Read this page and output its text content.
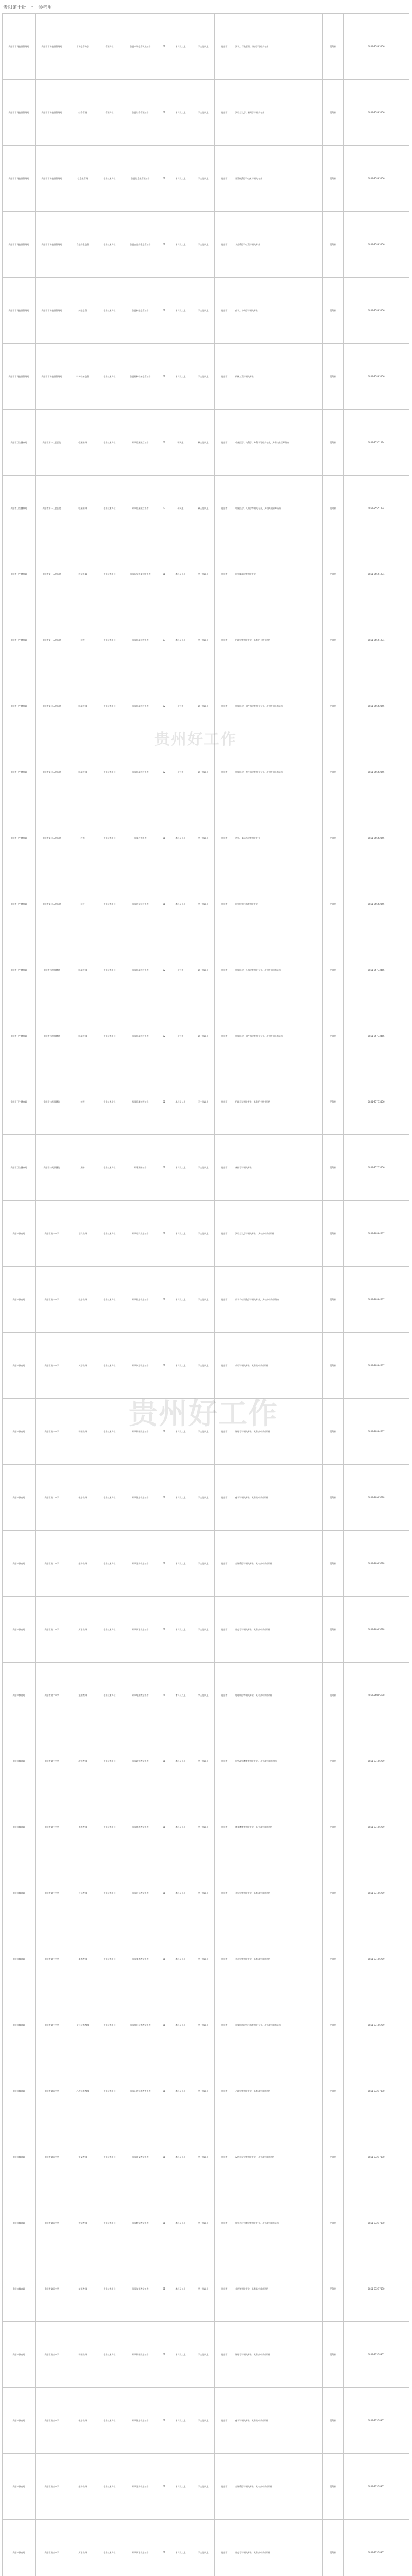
贵阳第十批 - 参考用
贵阳市市场监督管理局	贵阳市市场监督管理局	市场监管执法	管理岗位	负责市场监管执法工作	01	本科及以上	学士及以上	贵阳市	法学、行政管理、经济学等相关专业	见附件	0851-85883256
贵阳市市场监督管理局	贵阳市市场监督管理局	综合管理	管理岗位	负责综合管理工作	01	本科及以上	学士及以上	贵阳市	汉语言文学、新闻学等相关专业	见附件	0851-85883256
贵阳市市场监督管理局	贵阳市市场监督管理局	信息化管理	专业技术岗位	负责信息化管理工作	01	本科及以上	学士及以上	贵阳市	计算机科学与技术等相关专业	见附件	0851-85883256
贵阳市市场监督管理局	贵阳市市场监督管理局	食品安全监管	专业技术岗位	负责食品安全监管工作	01	本科及以上	学士及以上	贵阳市	食品科学与工程等相关专业	见附件	0851-85883256
贵阳市市场监督管理局	贵阳市市场监督管理局	药品监管	专业技术岗位	负责药品监管工作	01	本科及以上	学士及以上	贵阳市	药学、中药学等相关专业	见附件	0851-85883256
贵阳市市场监督管理局	贵阳市市场监督管理局	特种设备监管	专业技术岗位	负责特种设备监管工作	01	本科及以上	学士及以上	贵阳市	机械工程等相关专业	见附件	0851-85883256
贵阳市卫生健康局	贵阳市第一人民医院	临床医师	专业技术岗位	从事临床医疗工作	02	研究生	硕士及以上	贵阳市	临床医学、内科学、外科学等相关专业，具有执业医师资格	见附件	0851-85551234
贵阳市卫生健康局	贵阳市第一人民医院	临床医师	专业技术岗位	从事临床医疗工作	02	研究生	硕士及以上	贵阳市	临床医学、儿科学等相关专业，具有执业医师资格	见附件	0851-85551234
贵阳市卫生健康局	贵阳市第一人民医院	医学影像	专业技术岗位	从事医学影像诊断工作	01	本科及以上	学士及以上	贵阳市	医学影像学等相关专业	见附件	0851-85551234
贵阳市卫生健康局	贵阳市第一人民医院	护理	专业技术岗位	从事临床护理工作	03	本科及以上	学士及以上	贵阳市	护理学等相关专业，具有护士执业资格	见附件	0851-85551234
贵阳市卫生健康局	贵阳市第二人民医院	临床医师	专业技术岗位	从事临床医疗工作	02	研究生	硕士及以上	贵阳市	临床医学、妇产科学等相关专业，具有执业医师资格	见附件	0851-85662345
贵阳市卫生健康局	贵阳市第二人民医院	临床医师	专业技术岗位	从事临床医疗工作	02	研究生	硕士及以上	贵阳市	临床医学、神经病学等相关专业，具有执业医师资格	见附件	0851-85662345
贵阳市卫生健康局	贵阳市第二人民医院	药剂	专业技术岗位	从事药剂工作	01	本科及以上	学士及以上	贵阳市	药学、临床药学等相关专业	见附件	0851-85662345
贵阳市卫生健康局	贵阳市第二人民医院	检验	专业技术岗位	从事医学检验工作	01	本科及以上	学士及以上	贵阳市	医学检验技术等相关专业	见附件	0851-85662345
贵阳市卫生健康局	贵阳市妇幼保健院	临床医师	专业技术岗位	从事临床医疗工作	02	研究生	硕士及以上	贵阳市	临床医学、儿科学等相关专业，具有执业医师资格	见附件	0851-85773456
贵阳市卫生健康局	贵阳市妇幼保健院	临床医师	专业技术岗位	从事临床医疗工作	02	研究生	硕士及以上	贵阳市	临床医学、妇产科学等相关专业，具有执业医师资格	见附件	0851-85773456
贵阳市卫生健康局	贵阳市妇幼保健院	护理	专业技术岗位	从事临床护理工作	02	本科及以上	学士及以上	贵阳市	护理学等相关专业，具有护士执业资格	见附件	0851-85773456
贵阳市卫生健康局	贵阳市妇幼保健院	麻醉	专业技术岗位	从事麻醉工作	01	本科及以上	学士及以上	贵阳市	麻醉学等相关专业	见附件	0851-85773456
贵阳市教育局	贵阳市第一中学	语文教师	专业技术岗位	从事语文教学工作	01	本科及以上	学士及以上	贵阳市	汉语言文学等相关专业，具有高中教师资格	见附件	0851-86884567
贵阳市教育局	贵阳市第一中学	数学教师	专业技术岗位	从事数学教学工作	01	本科及以上	学士及以上	贵阳市	数学与应用数学等相关专业，具有高中教师资格	见附件	0851-86884567
贵阳市教育局	贵阳市第一中学	英语教师	专业技术岗位	从事英语教学工作	01	本科及以上	学士及以上	贵阳市	英语等相关专业，具有高中教师资格	见附件	0851-86884567
贵阳市教育局	贵阳市第一中学	物理教师	专业技术岗位	从事物理教学工作	01	本科及以上	学士及以上	贵阳市	物理学等相关专业，具有高中教师资格	见附件	0851-86884567
贵阳市教育局	贵阳市第二中学	化学教师	专业技术岗位	从事化学教学工作	01	本科及以上	学士及以上	贵阳市	化学等相关专业，具有高中教师资格	见附件	0851-86995678
贵阳市教育局	贵阳市第二中学	生物教师	专业技术岗位	从事生物教学工作	01	本科及以上	学士及以上	贵阳市	生物科学等相关专业，具有高中教师资格	见附件	0851-86995678
贵阳市教育局	贵阳市第二中学	历史教师	专业技术岗位	从事历史教学工作	01	本科及以上	学士及以上	贵阳市	历史学等相关专业，具有高中教师资格	见附件	0851-86995678
贵阳市教育局	贵阳市第二中学	地理教师	专业技术岗位	从事地理教学工作	01	本科及以上	学士及以上	贵阳市	地理科学等相关专业，具有高中教师资格	见附件	0851-86995678
贵阳市教育局	贵阳市第三中学	政治教师	专业技术岗位	从事政治教学工作	01	本科及以上	学士及以上	贵阳市	思想政治教育等相关专业，具有高中教师资格	见附件	0851-87106789
贵阳市教育局	贵阳市第三中学	体育教师	专业技术岗位	从事体育教学工作	01	本科及以上	学士及以上	贵阳市	体育教育等相关专业，具有高中教师资格	见附件	0851-87106789
贵阳市教育局	贵阳市第三中学	音乐教师	专业技术岗位	从事音乐教学工作	01	本科及以上	学士及以上	贵阳市	音乐学等相关专业，具有高中教师资格	见附件	0851-87106789
贵阳市教育局	贵阳市第三中学	美术教师	专业技术岗位	从事美术教学工作	01	本科及以上	学士及以上	贵阳市	美术学等相关专业，具有高中教师资格	见附件	0851-87106789
贵阳市教育局	贵阳市第三中学	信息技术教师	专业技术岗位	从事信息技术教学工作	01	本科及以上	学士及以上	贵阳市	计算机科学与技术等相关专业，具有高中教师资格	见附件	0851-87106789
贵阳市教育局	贵阳市第四中学	心理健康教师	专业技术岗位	从事心理健康教育工作	01	本科及以上	学士及以上	贵阳市	心理学等相关专业，具有高中教师资格	见附件	0851-87217890
贵阳市教育局	贵阳市第四中学	语文教师	专业技术岗位	从事语文教学工作	01	本科及以上	学士及以上	贵阳市	汉语言文学等相关专业，具有高中教师资格	见附件	0851-87217890
贵阳市教育局	贵阳市第四中学	数学教师	专业技术岗位	从事数学教学工作	01	本科及以上	学士及以上	贵阳市	数学与应用数学等相关专业，具有高中教师资格	见附件	0851-87217890
贵阳市教育局	贵阳市第四中学	英语教师	专业技术岗位	从事英语教学工作	01	本科及以上	学士及以上	贵阳市	英语等相关专业，具有高中教师资格	见附件	0851-87217890
贵阳市教育局	贵阳市第五中学	物理教师	专业技术岗位	从事物理教学工作	01	本科及以上	学士及以上	贵阳市	物理学等相关专业，具有高中教师资格	见附件	0851-87328901
贵阳市教育局	贵阳市第五中学	化学教师	专业技术岗位	从事化学教学工作	01	本科及以上	学士及以上	贵阳市	化学等相关专业，具有高中教师资格	见附件	0851-87328901
贵阳市教育局	贵阳市第五中学	生物教师	专业技术岗位	从事生物教学工作	01	本科及以上	学士及以上	贵阳市	生物科学等相关专业，具有高中教师资格	见附件	0851-87328901
贵阳市教育局	贵阳市第五中学	历史教师	专业技术岗位	从事历史教学工作	01	本科及以上	学士及以上	贵阳市	历史学等相关专业，具有高中教师资格	见附件	0851-87328901

贵州好工作
贵州好工作
